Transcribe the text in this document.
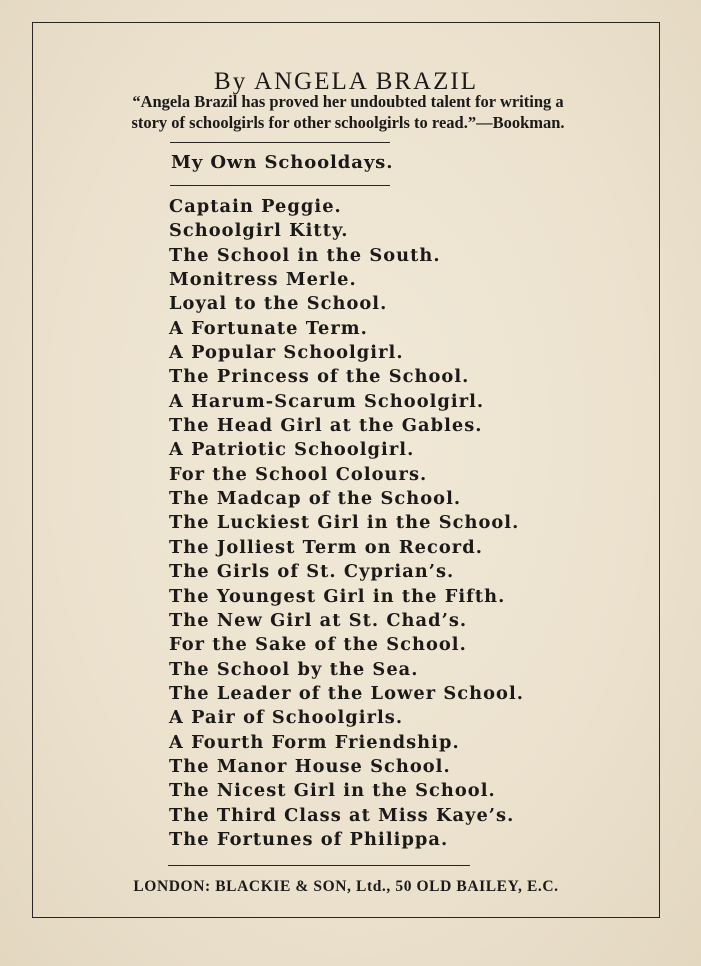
By ANGELA BRAZIL
“Angela Brazil has proved her undoubted talent for writing a
story of schoolgirls for other schoolgirls to read.”—Bookman.
My Own Schooldays.
Captain Peggie.
Schoolgirl Kitty.
The School in the South.
Monitress Merle.
Loyal to the School.
A Fortunate Term.
A Popular Schoolgirl.
The Princess of the School.
A Harum-Scarum Schoolgirl.
The Head Girl at the Gables.
A Patriotic Schoolgirl.
For the School Colours.
The Madcap of the School.
The Luckiest Girl in the School.
The Jolliest Term on Record.
The Girls of St. Cyprian’s.
The Youngest Girl in the Fifth.
The New Girl at St. Chad’s.
For the Sake of the School.
The School by the Sea.
The Leader of the Lower School.
A Pair of Schoolgirls.
A Fourth Form Friendship.
The Manor House School.
The Nicest Girl in the School.
The Third Class at Miss Kaye’s.
The Fortunes of Philippa.
LONDON: BLACKIE & SON, Ltd., 50 OLD BAILEY, E.C.
